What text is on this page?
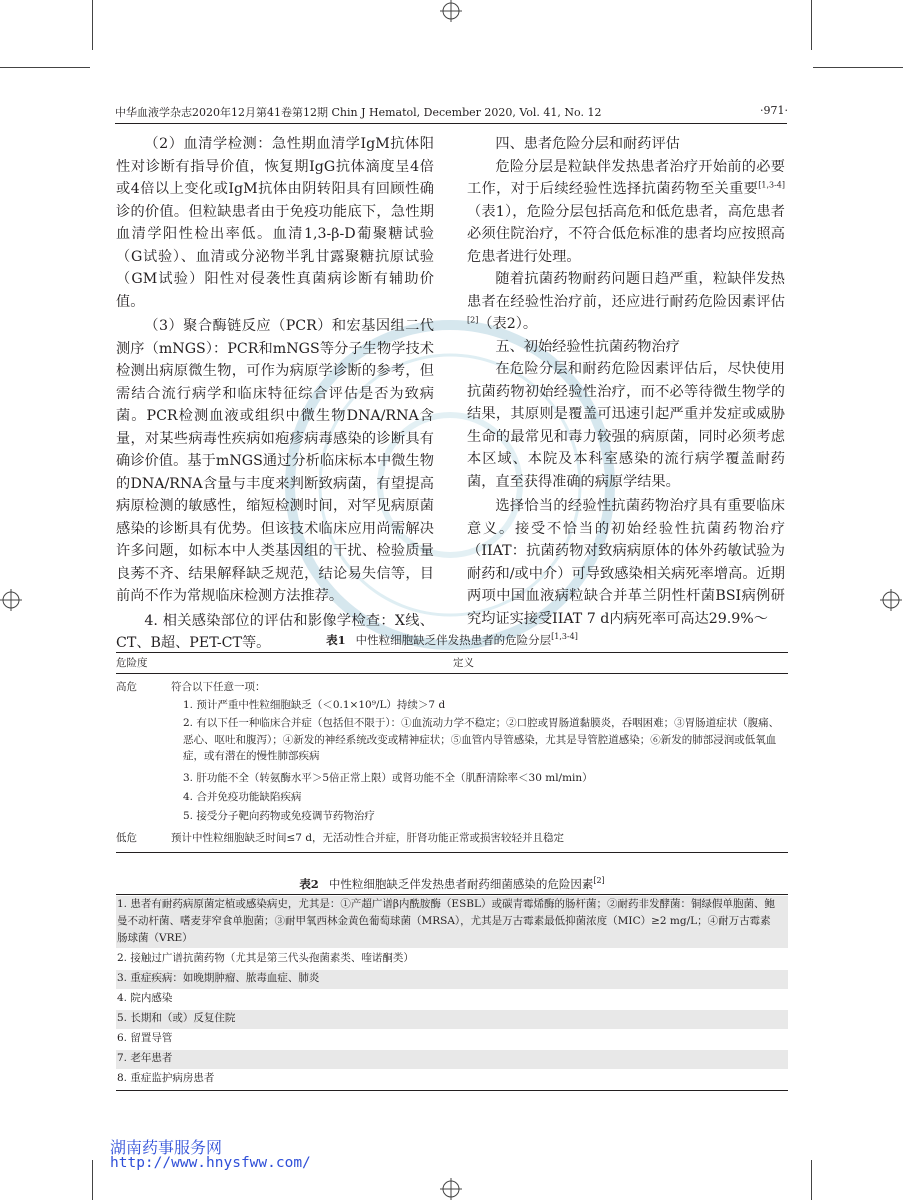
中华血液学杂志2020年12月第41卷第12期 Chin J Hematol, December 2020, Vol. 41, No. 12	·971·

（2）血清学检测：急性期血清学IgM抗体阳性对诊断有指导价值，恢复期IgG抗体滴度呈4倍或4倍以上变化或IgM抗体由阴转阳具有回顾性确诊的价值。但粒缺患者由于免疫功能底下，急性期血清学阳性检出率低。血清1,3-β-D葡聚糖试验（G试验）、血清或分泌物半乳甘露聚糖抗原试验（GM试验）阳性对侵袭性真菌病诊断有辅助价值。

（3）聚合酶链反应（PCR）和宏基因组二代测序（mNGS）：PCR和mNGS等分子生物学技术检测出病原微生物，可作为病原学诊断的参考，但需结合流行病学和临床特征综合评估是否为致病菌。PCR检测血液或组织中微生物DNA/RNA含量，对某些病毒性疾病如疱疹病毒感染的诊断具有确诊价值。基于mNGS通过分析临床标本中微生物的DNA/RNA含量与丰度来判断致病菌，有望提高病原检测的敏感性，缩短检测时间，对罕见病原菌感染的诊断具有优势。但该技术临床应用尚需解决许多问题，如标本中人类基因组的干扰、检验质量良莠不齐、结果解释缺乏规范，结论易失信等，目前尚不作为常规临床检测方法推荐。

4. 相关感染部位的评估和影像学检查：X线、CT、B超、PET-CT等。

四、患者危险分层和耐药评估

危险分层是粒缺伴发热患者治疗开始前的必要工作，对于后续经验性选择抗菌药物至关重要[1,3-4]（表1），危险分层包括高危和低危患者，高危患者必须住院治疗，不符合低危标准的患者均应按照高危患者进行处理。

随着抗菌药物耐药问题日趋严重，粒缺伴发热患者在经验性治疗前，还应进行耐药危险因素评估[2]（表2）。

五、初始经验性抗菌药物治疗

在危险分层和耐药危险因素评估后，尽快使用抗菌药物初始经验性治疗，而不必等待微生物学的结果，其原则是覆盖可迅速引起严重并发症或威胁生命的最常见和毒力较强的病原菌，同时必须考虑本区域、本院及本科室感染的流行病学覆盖耐药菌，直至获得准确的病原学结果。

选择恰当的经验性抗菌药物治疗具有重要临床意义。接受不恰当的初始经验性抗菌药物治疗（IIAT：抗菌药物对致病病原体的体外药敏试验为耐药和/或中介）可导致感染相关病死率增高。近期两项中国血液病粒缺合并革兰阴性杆菌BSI病例研究均证实接受IIAT 7 d内病死率可高达29.9%～

表1 中性粒细胞缺乏伴发热患者的危险分层[1,3-4]
危险度	定义
高危	符合以下任意一项：
1. 预计严重中性粒细胞缺乏（＜0.1×10⁹/L）持续＞7 d
2. 有以下任一种临床合并症（包括但不限于）：①血流动力学不稳定；②口腔或胃肠道黏膜炎，吞咽困难；③胃肠道症状（腹痛、恶心、呕吐和腹泻）；④新发的神经系统改变或精神症状；⑤血管内导管感染，尤其是导管腔道感染；⑥新发的肺部浸润或低氧血症，或有潜在的慢性肺部疾病
3. 肝功能不全（转氨酶水平＞5倍正常上限）或肾功能不全（肌酐清除率＜30 ml/min）
4. 合并免疫功能缺陷疾病
5. 接受分子靶向药物或免疫调节药物治疗
低危	预计中性粒细胞缺乏时间≤7 d，无活动性合并症，肝肾功能正常或损害较轻并且稳定
表2 中性粒细胞缺乏伴发热患者耐药细菌感染的危险因素[2]
1. 患者有耐药病原菌定植或感染病史，尤其是：①产超广谱β内酰胺酶（ESBL）或碳青霉烯酶的肠杆菌；②耐药非发酵菌：铜绿假单胞菌、鲍曼不动杆菌、嗜麦芽窄食单胞菌；③耐甲氧西林金黄色葡萄球菌（MRSA），尤其是万古霉素最低抑菌浓度（MIC）≥2 mg/L；④耐万古霉素肠球菌（VRE）
2. 接触过广谱抗菌药物（尤其是第三代头孢菌素类、喹诺酮类）
3. 重症疾病：如晚期肿瘤、脓毒血症、肺炎
4. 院内感染
5. 长期和（或）反复住院
6. 留置导管
7. 老年患者
8. 重症监护病房患者
湖南药事服务网
http://www.hnysfww.com/
